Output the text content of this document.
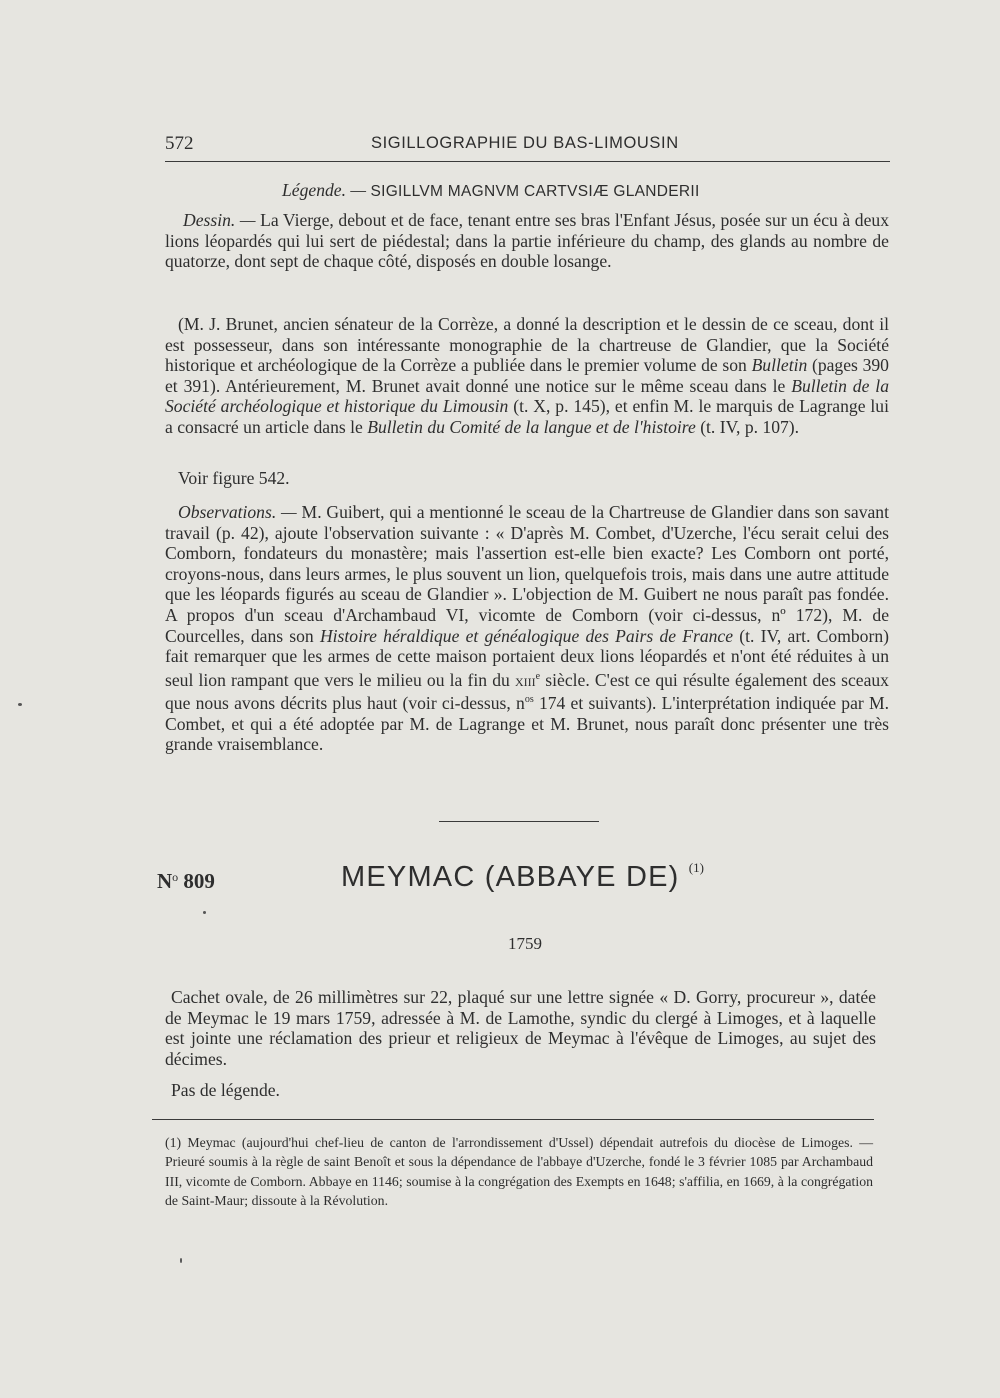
572	SIGILLOGRAPHIE DU BAS-LIMOUSIN
Légende. — SIGILLVM MAGNVM CARTVSIÆ GLANDERII

Dessin. — La Vierge, debout et de face, tenant entre ses bras l'Enfant Jésus, posée sur un écu à deux lions léopardés qui lui sert de piédestal; dans la partie inférieure du champ, des glands au nombre de quatorze, dont sept de chaque côté, disposés en double losange.

(M. J. Brunet, ancien sénateur de la Corrèze, a donné la description et le dessin de ce sceau, dont il est possesseur, dans son intéressante monographie de la chartreuse de Glandier, que la Société historique et archéologique de la Corrèze a publiée dans le premier volume de son Bulletin (pages 390 et 391). Antérieurement, M. Brunet avait donné une notice sur le même sceau dans le Bulletin de la Société archéologique et historique du Limousin (t. X, p. 145), et enfin M. le marquis de Lagrange lui a consacré un article dans le Bulletin du Comité de la langue et de l'histoire (t. IV, p. 107).

Voir figure 542.

Observations. — M. Guibert, qui a mentionné le sceau de la Chartreuse de Glandier dans son savant travail (p. 42), ajoute l'observation suivante : « D'après M. Combet, d'Uzerche, l'écu serait celui des Comborn, fondateurs du monastère; mais l'assertion est-elle bien exacte? Les Comborn ont porté, croyons-nous, dans leurs armes, le plus souvent un lion, quelquefois trois, mais dans une autre attitude que les léopards figurés au sceau de Glandier ». L'objection de M. Guibert ne nous paraît pas fondée. A propos d'un sceau d'Archambaud VI, vicomte de Comborn (voir ci-dessus, nº 172), M. de Courcelles, dans son Histoire héraldique et généalogique des Pairs de France (t. IV, art. Comborn) fait remarquer que les armes de cette maison portaient deux lions léopardés et n'ont été réduites à un seul lion rampant que vers le milieu ou la fin du xiii$^e$ siècle. C'est ce qui résulte également des sceaux que nous avons décrits plus haut (voir ci-dessus, $n^{os}$ 174 et suivants). L'interprétation indiquée par M. Combet, et qui a été adoptée par M. de Lagrange et M. Brunet, nous paraît donc présenter une très grande vraisemblance.

$N^o$ 809	MEYMAC (ABBAYE DE) $^{(1)}$
1759

Cachet ovale, de 26 millimètres sur 22, plaqué sur une lettre signée « D. Gorry, procureur », datée de Meymac le 19 mars 1759, adressée à M. de Lamothe, syndic du clergé à Limoges, et à laquelle est jointe une réclamation des prieur et religieux de Meymac à l'évêque de Limoges, au sujet des décimes.

Pas de légende.

(1) Meymac (aujourd'hui chef-lieu de canton de l'arrondissement d'Ussel) dépendait autrefois du diocèse de Limoges. — Prieuré soumis à la règle de saint Benoît et sous la dépendance de l'abbaye d'Uzerche, fondé le 3 février 1085 par Archambaud III, vicomte de Comborn. Abbaye en 1146; soumise à la congrégation des Exempts en 1648; s'affilia, en 1669, à la congrégation de Saint-Maur; dissoute à la Révolution.
